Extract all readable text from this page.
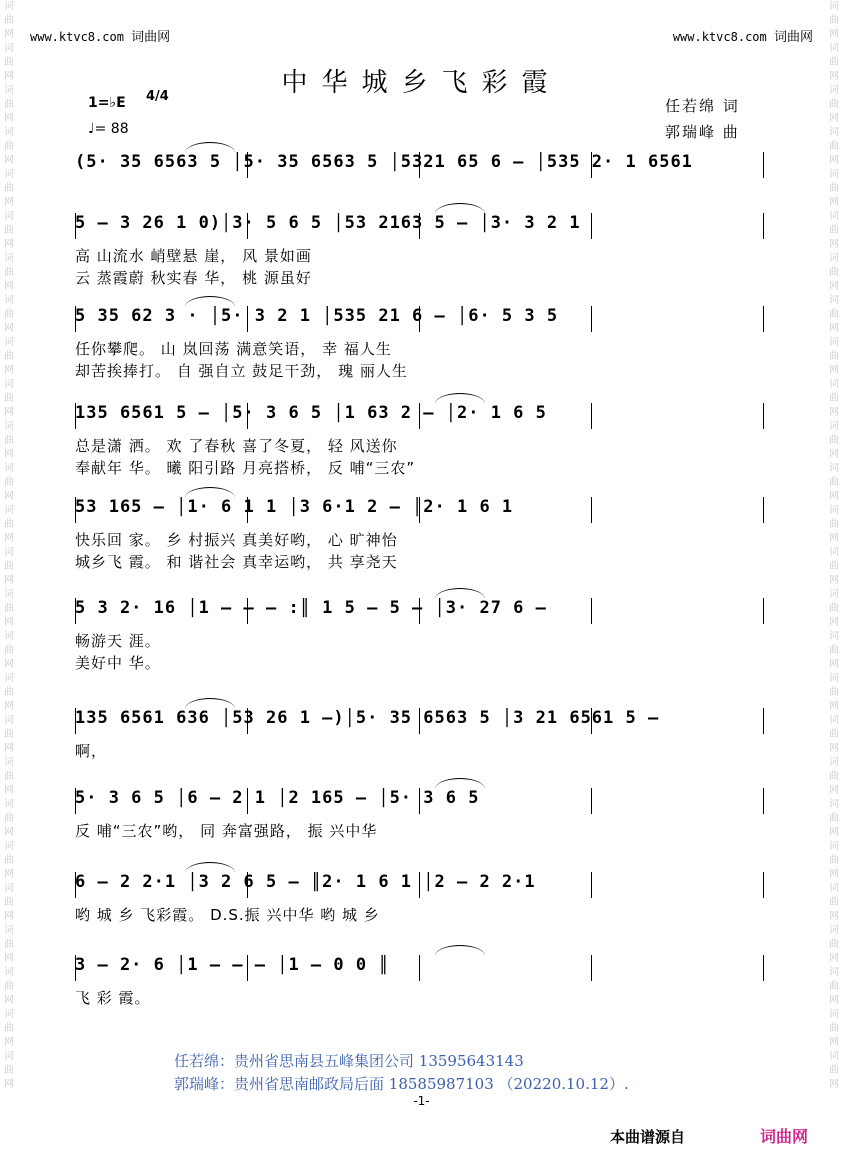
词曲网词曲网词曲网词曲网词曲网词曲网词曲网词曲网词曲网词曲网词曲网词曲网词曲网词曲网词曲网词曲网词曲网词曲网词曲网词曲网词曲网词曲网词曲网词曲网词曲网词曲网
词曲网词曲网词曲网词曲网词曲网词曲网词曲网词曲网词曲网词曲网词曲网词曲网词曲网词曲网词曲网词曲网词曲网词曲网词曲网词曲网词曲网词曲网词曲网词曲网词曲网词曲网
www.ktvc8.com 词曲网	www.ktvc8.com 词曲网
中华城乡飞彩霞
1=♭E 4/4
♩= 88
任若绵 词
郭瑞峰 曲
(5· 35 6563 5 │5· 35 6563 5 │5321 65 6 – │535 2· 1 6561
5 – 3 26 1 0)│3· 5 6 5 │53 2163 5 – │3· 3 2 1
高 山流水 峭壁悬 崖， 风 景如画
云 蒸霞蔚 秋实春 华， 桃 源虽好
5 35 62 3 · │5· 3 2 1 │535 21 6 – │6· 5 3 5
任你攀爬。 山 岚回荡 满意笑语， 幸 福人生
却苦挨捧打。 自 强自立 鼓足干劲， 瑰 丽人生
135 6561 5 – │5· 3 6 5 │1 63 2 – │2· 1 6 5
总是潇 洒。 欢 了春秋 喜了冬夏， 轻 风送你
奉献年 华。 曦 阳引路 月亮搭桥， 反 哺“三农”
53 165 – │1· 6 1 1 │3 6·1 2 – │2· 1 6 1
快乐回 家。 乡 村振兴 真美好哟， 心 旷神怡
城乡飞 霞。 和 谐社会 真幸运哟， 共 享尧天
5 3 2· 16 │1 – – – :║ 1 5 – 5 – │3· 27 6 –
畅游天 涯。
美好中 华。
135 6561 636 │53 26 1 –)│5· 35 6563 5 │3 21 6561 5 –
啊，
5· 3 6 5 │6 – 2 1 │2 165 – │5· 3 6 5
反 哺“三农”哟， 同 奔富强路， 振 兴中华
6 – 2 2·1 │3 2 6 5 – ║2· 1 6 1 │2 – 2 2·1
哟 城 乡 飞彩霞。 D.S.振 兴中华 哟 城 乡
3 – 2· 6 │1 – – – │1 – 0 0 ║
飞 彩 霞。
任若绵：贵州省思南县五峰集团公司 13595643143
郭瑞峰：贵州省思南邮政局后面 18585987103 （20220.10.12）.
-1-
本曲谱源自	词曲网
